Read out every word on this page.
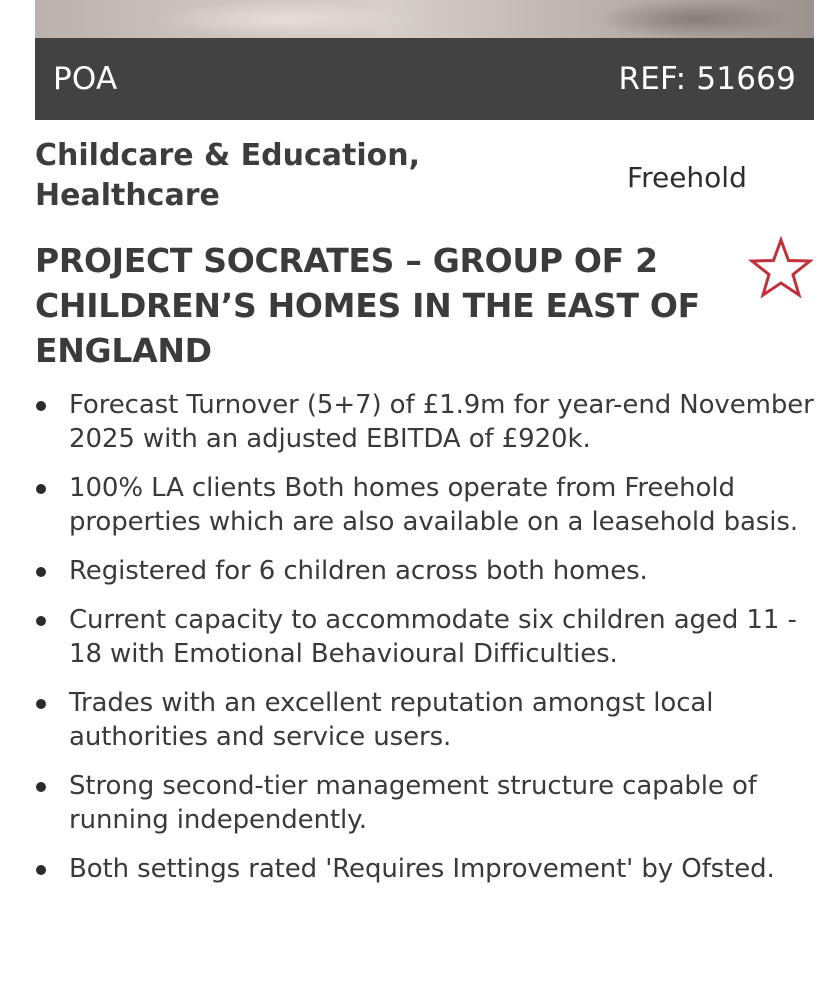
POA	REF: 51669
Childcare & Education, Healthcare
Freehold
PROJECT SOCRATES – GROUP OF 2 CHILDREN’S HOMES IN THE EAST OF ENGLAND
Forecast Turnover (5+7) of £1.9m for year-end November 2025 with an adjusted EBITDA of £920k.
100% LA clients Both homes operate from Freehold properties which are also available on a leasehold basis.
Registered for 6 children across both homes.
Current capacity to accommodate six children aged 11 - 18 with Emotional Behavioural Difficulties.
Trades with an excellent reputation amongst local authorities and service users.
Strong second-tier management structure capable of running independently.
Both settings rated 'Requires Improvement' by Ofsted.
